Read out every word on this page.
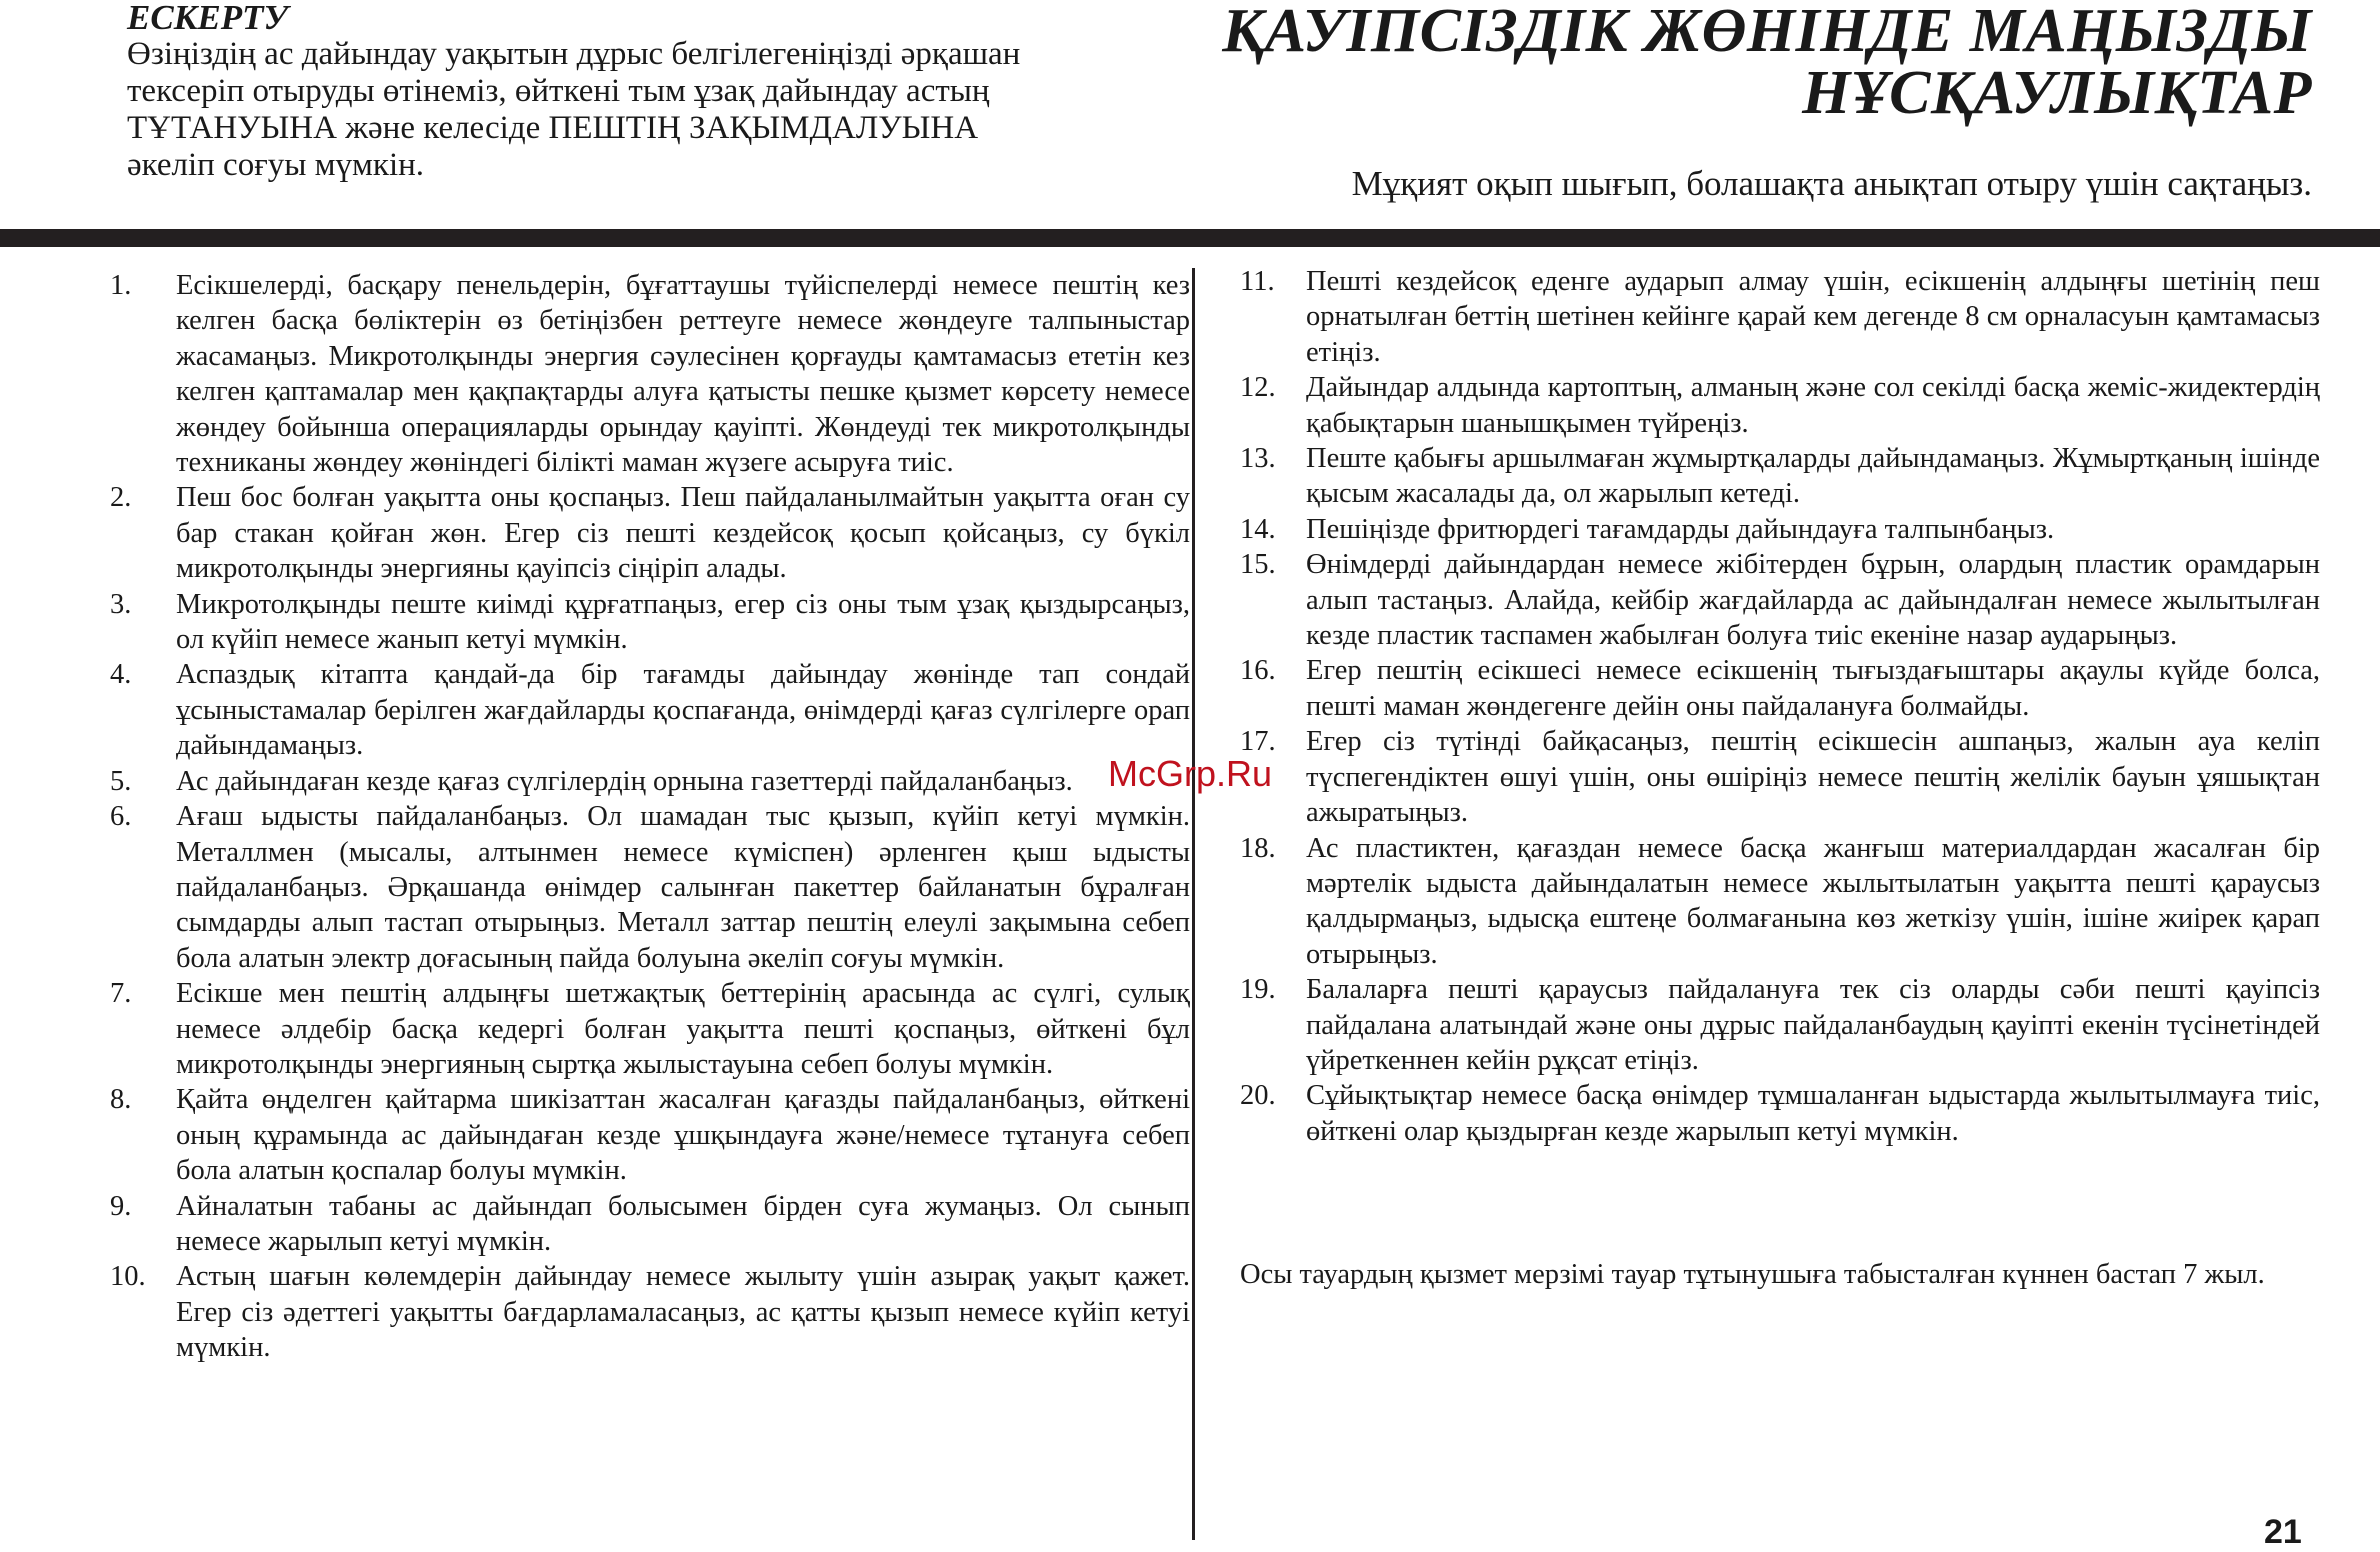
ЕСКЕРТУ

Өзіңіздің ас дайындау уақытын дұрыс белгілегеніңізді әрқашан тексеріп отыруды өтінеміз, өйткені тым ұзақ дайындау астың ТҰТАНУЫНА және келесіде ПЕШТІҢ ЗАҚЫМДАЛУЫНА әкеліп соғуы мүмкін.

ҚАУІПСІЗДІК ЖӨНІНДЕ МАҢЫЗДЫ НҰСҚАУЛЫҚТАР

Мұқият оқып шығып, болашақта анықтап отыру үшін сақтаңыз.

1. Есікшелерді, басқару пенельдерін, бұғаттаушы түйіспелерді немесе пештің кез келген басқа бөліктерін өз бетіңізбен реттеуге немесе жөндеуге талпыныстар жасамаңыз. Микротолқынды энергия сәулесінен қорғауды қамтамасыз ететін кез келген қаптамалар мен қақпақтарды алуға қатысты пешке қызмет көрсету немесе жөндеу бойынша операцияларды орындау қауіпті. Жөндеуді тек микротолқынды техниканы жөндеу жөніндегі білікті маман жүзеге асыруға тиіс.
2. Пеш бос болған уақытта оны қоспаңыз. Пеш пайдаланылмайтын уақытта оған су бар стакан қойған жөн. Егер сіз пешті кездейсоқ қосып қойсаңыз, су бүкіл микротолқынды энергияны қауіпсіз сіңіріп алады.
3. Микротолқынды пеште киімді құрғатпаңыз, егер сіз оны тым ұзақ қыздырсаңыз, ол күйіп немесе жанып кетуі мүмкін.
4. Аспаздық кітапта қандай-да бір тағамды дайындау жөнінде тап сондай ұсыныстамалар берілген жағдайларды қоспағанда, өнімдерді қағаз сүлгілерге орап дайындамаңыз.
5. Ас дайындаған кезде қағаз сүлгілердің орнына газеттерді пайдаланбаңыз.
6. Ағаш ыдысты пайдаланбаңыз. Ол шамадан тыс қызып, күйіп кетуі мүмкін. Металлмен (мысалы, алтынмен немесе күміспен) әрленген қыш ыдысты пайдаланбаңыз. Әрқашанда өнімдер салынған пакеттер байланатын бұралған сымдарды алып тастап отырыңыз. Металл заттар пештің елеулі зақымына себеп бола алатын электр доғасының пайда болуына әкеліп соғуы мүмкін.
7. Есікше мен пештің алдыңғы шетжақтық беттерінің арасында ас сүлгі, сулық немесе әлдебір басқа кедергі болған уақытта пешті қоспаңыз, өйткені бұл микротолқынды энергияның сыртқа жылыстауына себеп болуы мүмкін.
8. Қайта өңделген қайтарма шикізаттан жасалған қағазды пайдаланбаңыз, өйткені оның құрамында ас дайындаған кезде ұшқындауға және/немесе тұтануға себеп бола алатын қоспалар болуы мүмкін.
9. Айналатын табаны ас дайындап болысымен бірден суға жумаңыз. Ол сынып немесе жарылып кетуі мүмкін.
10. Астың шағын көлемдерін дайындау немесе жылыту үшін азырақ уақыт қажет. Егер сіз әдеттегі уақытты бағдарламаласаңыз, ас қатты қызып немесе күйіп кетуі мүмкін.
11. Пешті кездейсоқ еденге аударып алмау үшін, есікшенің алдыңғы шетінің пеш орнатылған беттің шетінен кейінге қарай кем дегенде 8 см орналасуын қамтамасыз етіңіз.
12. Дайындар алдында картоптың, алманың және сол секілді басқа жеміс-жидектердің қабықтарын шанышқымен түйреңіз.
13. Пеште қабығы аршылмаған жұмыртқаларды дайындамаңыз. Жұмыртқаның ішінде қысым жасалады да, ол жарылып кетеді.
14. Пешіңізде фритюрдегі тағамдарды дайындауға талпынбаңыз.
15. Өнімдерді дайындардан немесе жібітерден бұрын, олардың пластик орамдарын алып тастаңыз. Алайда, кейбір жағдайларда ас дайындалған немесе жылытылған кезде пластик таспамен жабылған болуға тиіс екеніне назар аударыңыз.
16. Егер пештің есікшесі немесе есікшенің тығыздағыштары ақаулы күйде болса, пешті маман жөндегенге дейін оны пайдалануға болмайды.
17. Егер сіз түтінді байқасаңыз, пештің есікшесін ашпаңыз, жалын ауа келіп түспегендіктен өшуі үшін, оны өшіріңіз немесе пештің желілік бауын ұяшықтан ажыратыңыз.
18. Ас пластиктен, қағаздан немесе басқа жанғыш материалдардан жасалған бір мәртелік ыдыста дайындалатын немесе жылытылатын уақытта пешті қараусыз қалдырмаңыз, ыдысқа ештеңе болмағанына көз жеткізу үшін, ішіне жиірек қарап отырыңыз.
19. Балаларға пешті қараусыз пайдалануға тек сіз оларды сәби пешті қауіпсіз пайдалана алатындай және оны дұрыс пайдаланбаудың қауіпті екенін түсінетіндей үйреткеннен кейін рұқсат етіңіз.
20. Сұйықтықтар немесе басқа өнімдер тұмшаланған ыдыстарда жылытылмауға тиіс, өйткені олар қыздырған кезде жарылып кетуі мүмкін.

Осы тауардың қызмет мерзімі тауар тұтынушыға табысталған күннен бастап 7 жыл.

McGrp.Ru

21
